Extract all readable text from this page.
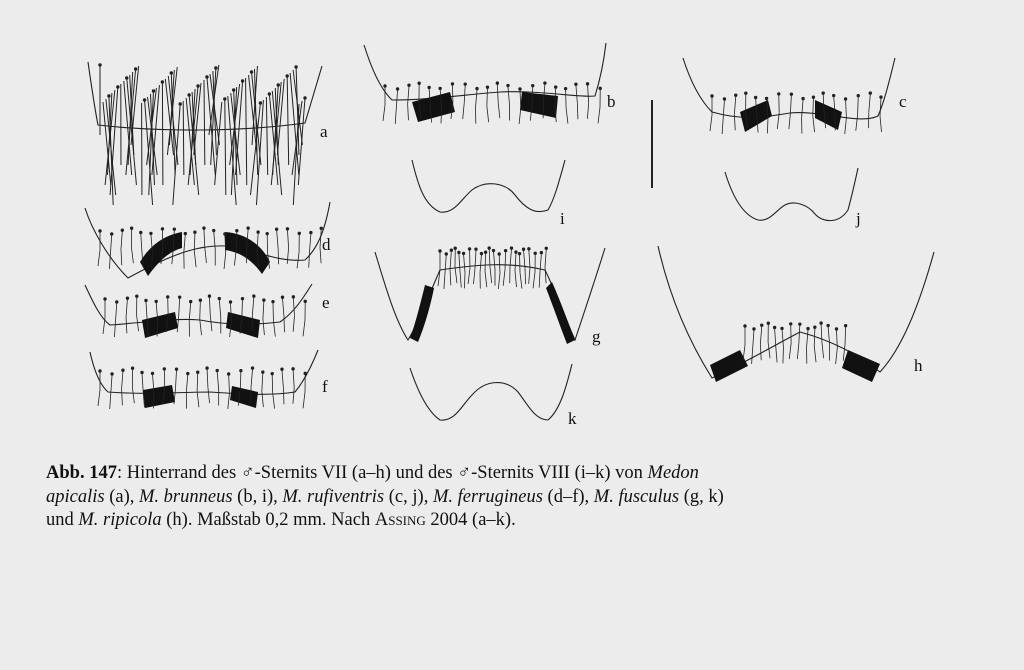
a
b	c
d
e
f
g
h
i	j
k
Abb. 147: Hinterrand des ♂-Sternits VII (a–h) und des ♂-Sternits VIII (i–k) von Medon
apicalis (a), M. brunneus (b, i), M. rufiventris (c, j), M. ferrugineus (d–f), M. fusculus (g, k)
und M. ripicola (h). Maßstab 0,2 mm. Nach Assing 2004 (a–k).
